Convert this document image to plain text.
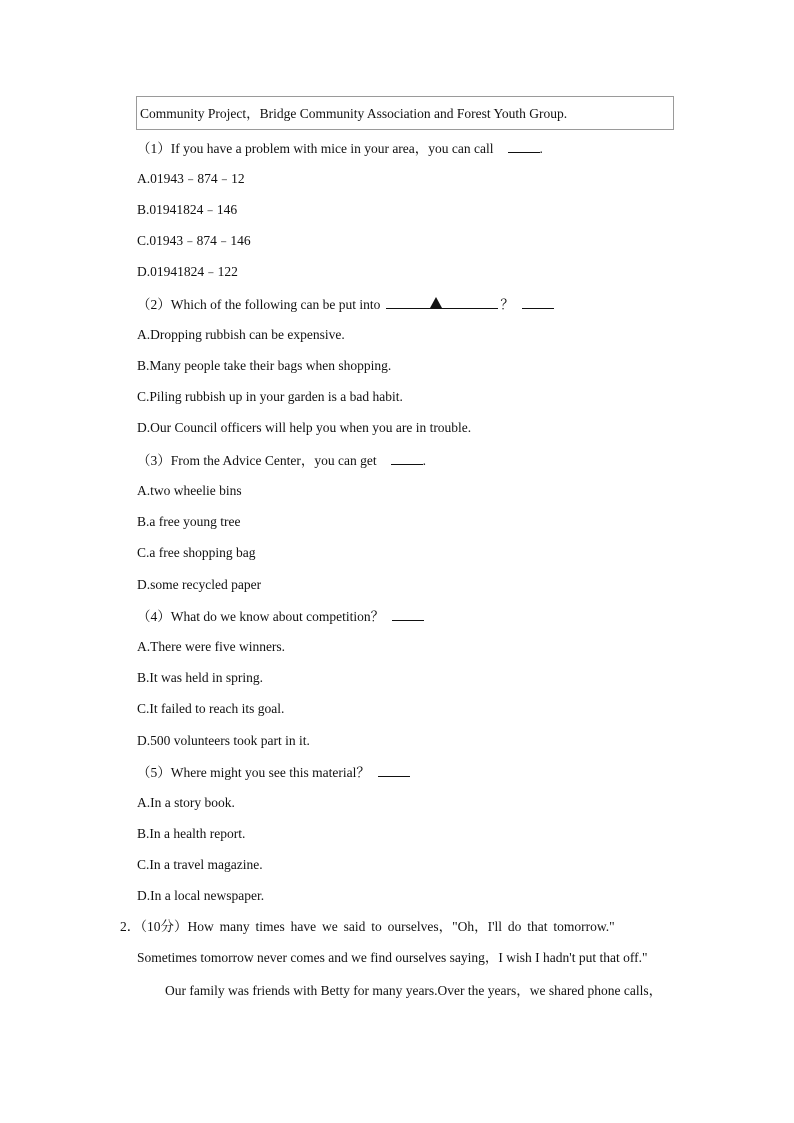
Community Project，Bridge Community Association and Forest Youth Group.
（1）If you have a problem with mice in your area，you can call	.
A.01943﹣874﹣12
B.01941824﹣146
C.01943﹣874﹣146
D.01941824﹣122
（2）Which of the following can be put into	？
A.Dropping rubbish can be expensive.
B.Many people take their bags when shopping.
C.Piling rubbish up in your garden is a bad habit.
D.Our Council officers will help you when you are in trouble.
（3）From the Advice Center，you can get	.
A.two wheelie bins
B.a free young tree
C.a free shopping bag
D.some recycled paper
（4）What do we know about competition？
A.There were five winners.
B.It was held in spring.
C.It failed to reach its goal.
D.500 volunteers took part in it.
（5）Where might you see this material？
A.In a story book.
B.In a health report.
C.In a travel magazine.
D.In a local newspaper.
2．（10分）How many times have we said to ourselves，"Oh，I'll do that tomorrow."
Sometimes tomorrow never comes and we find ourselves saying，I wish I hadn't put that off."
Our family was friends with Betty for many years.Over the years，we shared phone calls，
